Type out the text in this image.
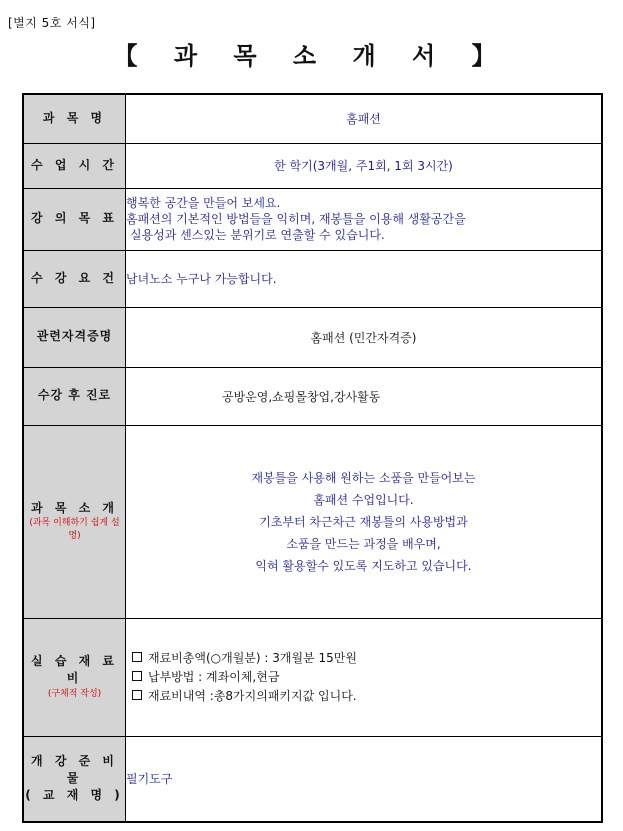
[별지 5호 서식]
【 과 목 소 개 서 】
과 목 명	홈패션
수 업 시 간	한 학기(3개월, 주1회, 1회 3시간)
강 의 목 표	행복한 공간을 만들어 보세요.
홈패션의 기본적인 방법들을 익히며, 재봉틀을 이용해 생활공간을
실용성과 센스있는 분위기로 연출할 수 있습니다.

수 강 요 건	남녀노소 누구나 가능합니다.
관련자격증명	홈패션 (민간자격증)
수강 후 진로	공방운영,쇼핑몰창업,강사활동
과 목 소 개
(과목 이해하기 쉽게 설명)	재봉틀을 사용해 원하는 소품을 만들어보는
홈패션 수업입니다.
기초부터 차근차근 재봉틀의 사용방법과
소품을 만드는 과정을 배우며,
익혀 활용할수 있도록 지도하고 있습니다.

실 습 재 료 비
(구체적 작성)	재료비총액(○개월분) : 3개월분 15만원
납부방법 : 계좌이체,현금
재료비내역 :총8가지의패키지값 입니다.

개 강 준 비 물
( 교 재 명 )	필기도구
